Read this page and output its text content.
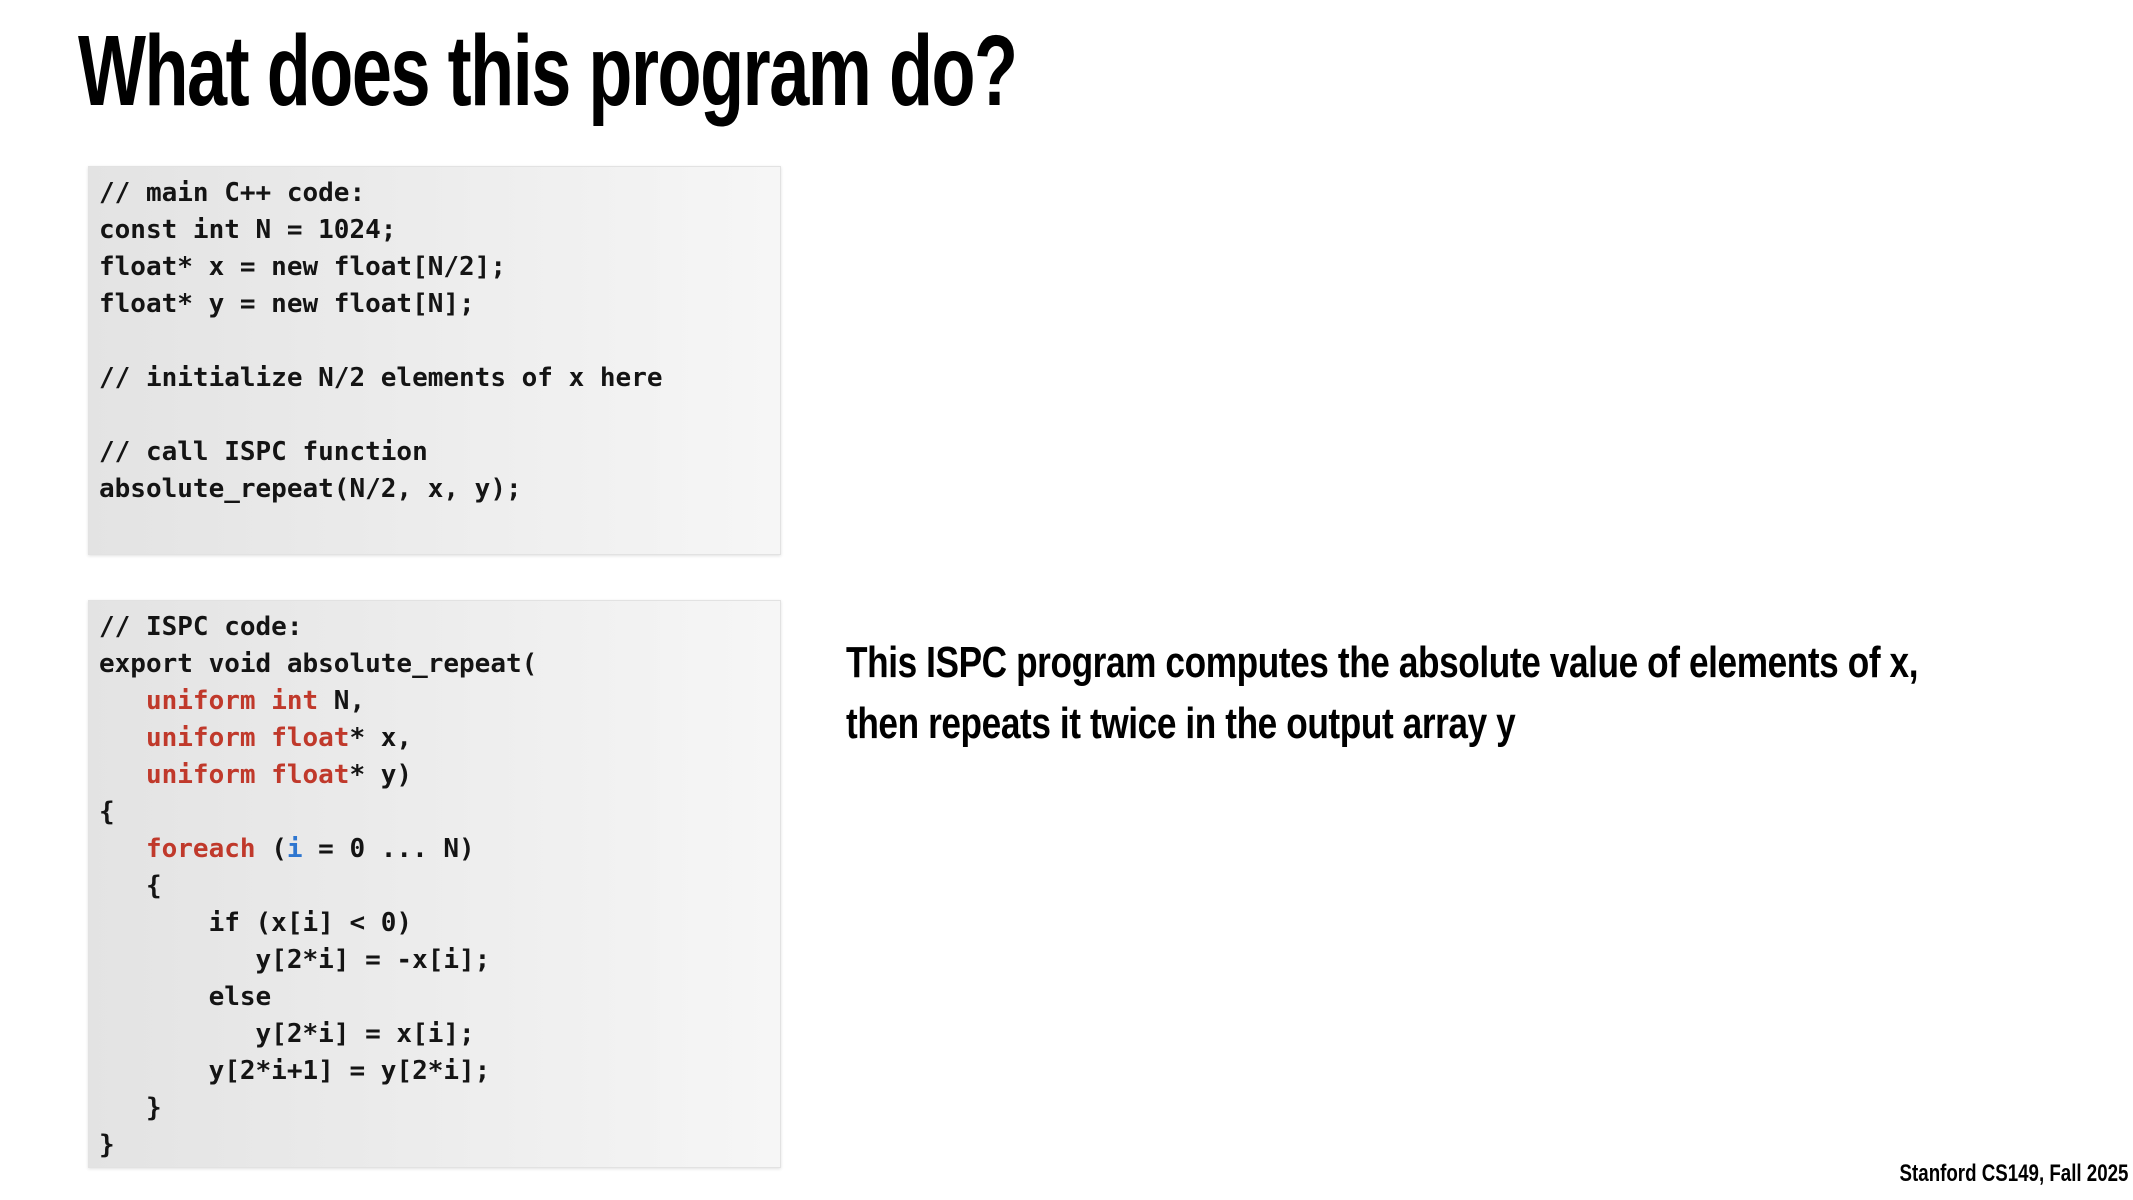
What does this program do?
// main C++ code:
const int N = 1024;
float* x = new float[N/2];
float* y = new float[N];

// initialize N/2 elements of x here

// call ISPC function
absolute_repeat(N/2, x, y);
// ISPC code:
export void absolute_repeat(
uniform int N,
uniform float* x,
uniform float* y)
{
foreach (i = 0 ... N)
{
if (x[i] < 0)
y[2*i] = -x[i];
else
y[2*i] = x[i];
y[2*i+1] = y[2*i];
}
}
This ISPC program computes the absolute value of elements of x,
then repeats it twice in the output array y
Stanford CS149, Fall 2025
